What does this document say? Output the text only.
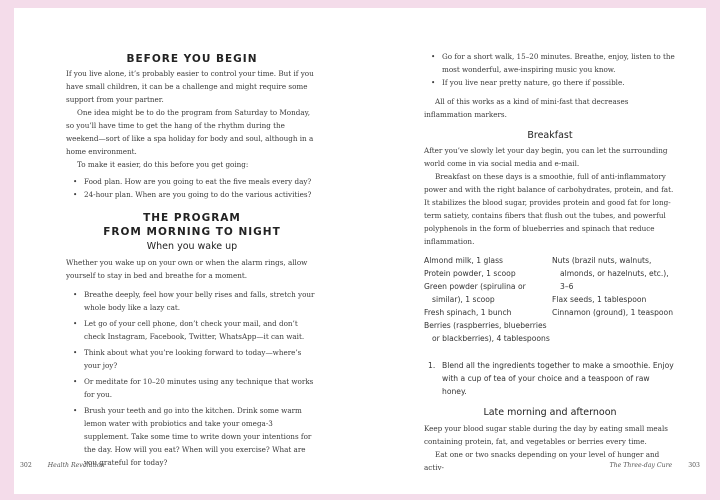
BEFORE YOU BEGIN

If you live alone, it’s probably easier to control your time. But if you have small children, it can be a challenge and might require some support from your partner.

One idea might be to do the program from Saturday to Monday, so you’ll have time to get the hang of the rhythm during the weekend—sort of like a spa holiday for body and soul, although in a home environment.

To make it easier, do this before you get going:

• Food plan. How are you going to eat the five meals every day?
• 24-hour plan. When are you going to do the various activities?
THE PROGRAM
FROM MORNING TO NIGHT
When you wake up

Whether you wake up on your own or when the alarm rings, allow yourself to stay in bed and breathe for a moment.

• Breathe deeply, feel how your belly rises and falls, stretch your whole body like a lazy cat.
• Let go of your cell phone, don’t check your mail, and don’t check Instagram, Facebook, Twitter, WhatsApp—it can wait.
• Think about what you’re looking forward to today—where’s your joy?
• Or meditate for 10–20 minutes using any technique that works for you.
• Brush your teeth and go into the kitchen. Drink some warm lemon water with probiotics and take your omega-3 supplement. Take some time to write down your intentions for the day. How will you eat? When will you exercise? What are you grateful for today?
302	Health Revolution
• Go for a short walk, 15–20 minutes. Breathe, enjoy, listen to the most wonderful, awe-inspiring music you know.
• If you live near pretty nature, go there if possible.

All of this works as a kind of mini-fast that decreases inflammation markers.

Breakfast

After you’ve slowly let your day begin, you can let the surrounding world come in via social media and e-mail.

Breakfast on these days is a smoothie, full of anti-inflammatory power and with the right balance of carbohydrates, protein, and fat. It stabilizes the blood sugar, provides protein and good fat for long-term satiety, contains fibers that flush out the tubes, and powerful polyphenols in the form of blueberries and spinach that reduce inflammation.

Almond milk, 1 glass
Protein powder, 1 scoop
Green powder (spirulina or similar), 1 scoop
Fresh spinach, 1 bunch
Berries (raspberries, blueberries or blackberries), 4 tablespoons
Nuts (brazil nuts, walnuts, almonds, or hazelnuts, etc.), 3–6
Flax seeds, 1 tablespoon
Cinnamon (ground), 1 teaspoon
1. Blend all the ingredients together to make a smoothie. Enjoy with a cup of tea of your choice and a teaspoon of raw honey.
Late morning and afternoon

Keep your blood sugar stable during the day by eating small meals containing protein, fat, and vegetables or berries every time.

Eat one or two snacks depending on your level of hunger and activ-	The Three-day Cure	303
